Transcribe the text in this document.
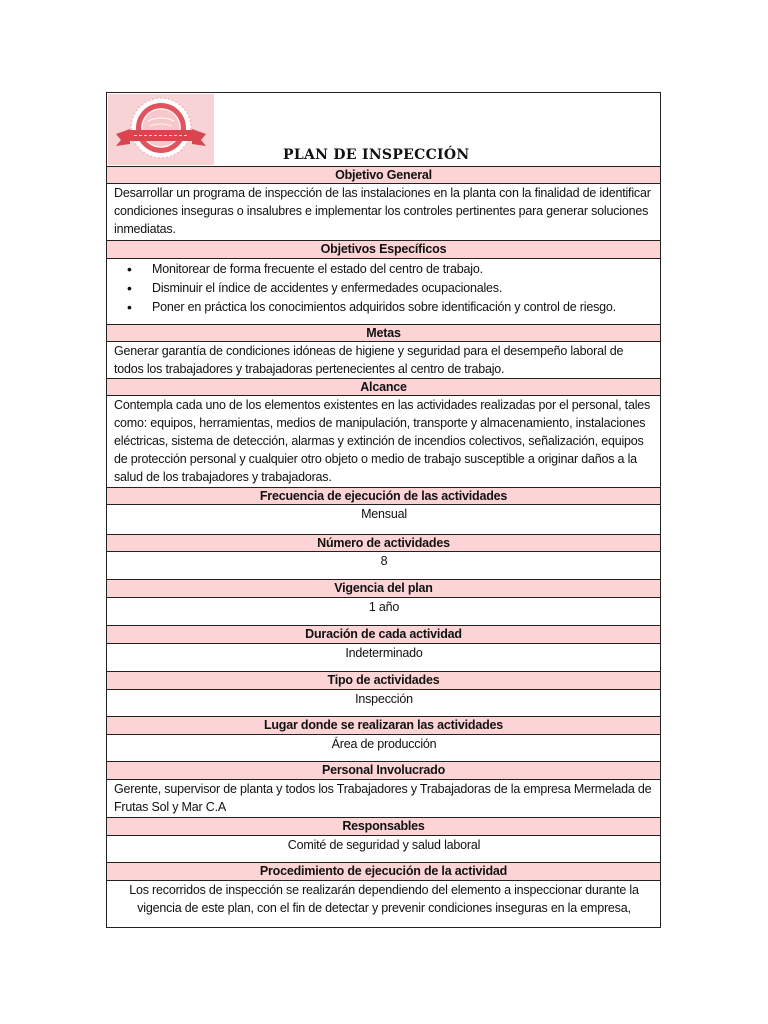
PLAN DE INSPECCIÓN
Objetivo General
Desarrollar un programa de inspección de las instalaciones en la planta con la finalidad de identificar condiciones inseguras o insalubres e implementar los controles pertinentes para generar soluciones inmediatas.
Objetivos Específicos
• Monitorear de forma frecuente el estado del centro de trabajo.
• Disminuir el índice de accidentes y enfermedades ocupacionales.
• Poner en práctica los conocimientos adquiridos sobre identificación y control de riesgo.
Metas
Generar garantía de condiciones idóneas de higiene y seguridad para el desempeño laboral de todos los trabajadores y trabajadoras pertenecientes al centro de trabajo.
Alcance
Contempla cada uno de los elementos existentes en las actividades realizadas por el personal, tales como: equipos, herramientas, medios de manipulación, transporte y almacenamiento, instalaciones eléctricas, sistema de detección, alarmas y extinción de incendios colectivos, señalización, equipos de protección personal y cualquier otro objeto o medio de trabajo susceptible a originar daños a la salud de los trabajadores y trabajadoras.
Frecuencia de ejecución de las actividades
Mensual
Número de actividades
8
Vigencia del plan
1 año
Duración de cada actividad
Indeterminado
Tipo de actividades
Inspección
Lugar donde se realizaran las actividades
Área de producción
Personal Involucrado
Gerente, supervisor de planta y todos los Trabajadores y Trabajadoras de la empresa Mermelada de Frutas Sol y Mar C.A
Responsables
Comité de seguridad y salud laboral
Procedimiento de ejecución de la actividad
Los recorridos de inspección se realizarán dependiendo del elemento a inspeccionar durante la vigencia de este plan, con el fin de detectar y prevenir condiciones inseguras en la empresa,
